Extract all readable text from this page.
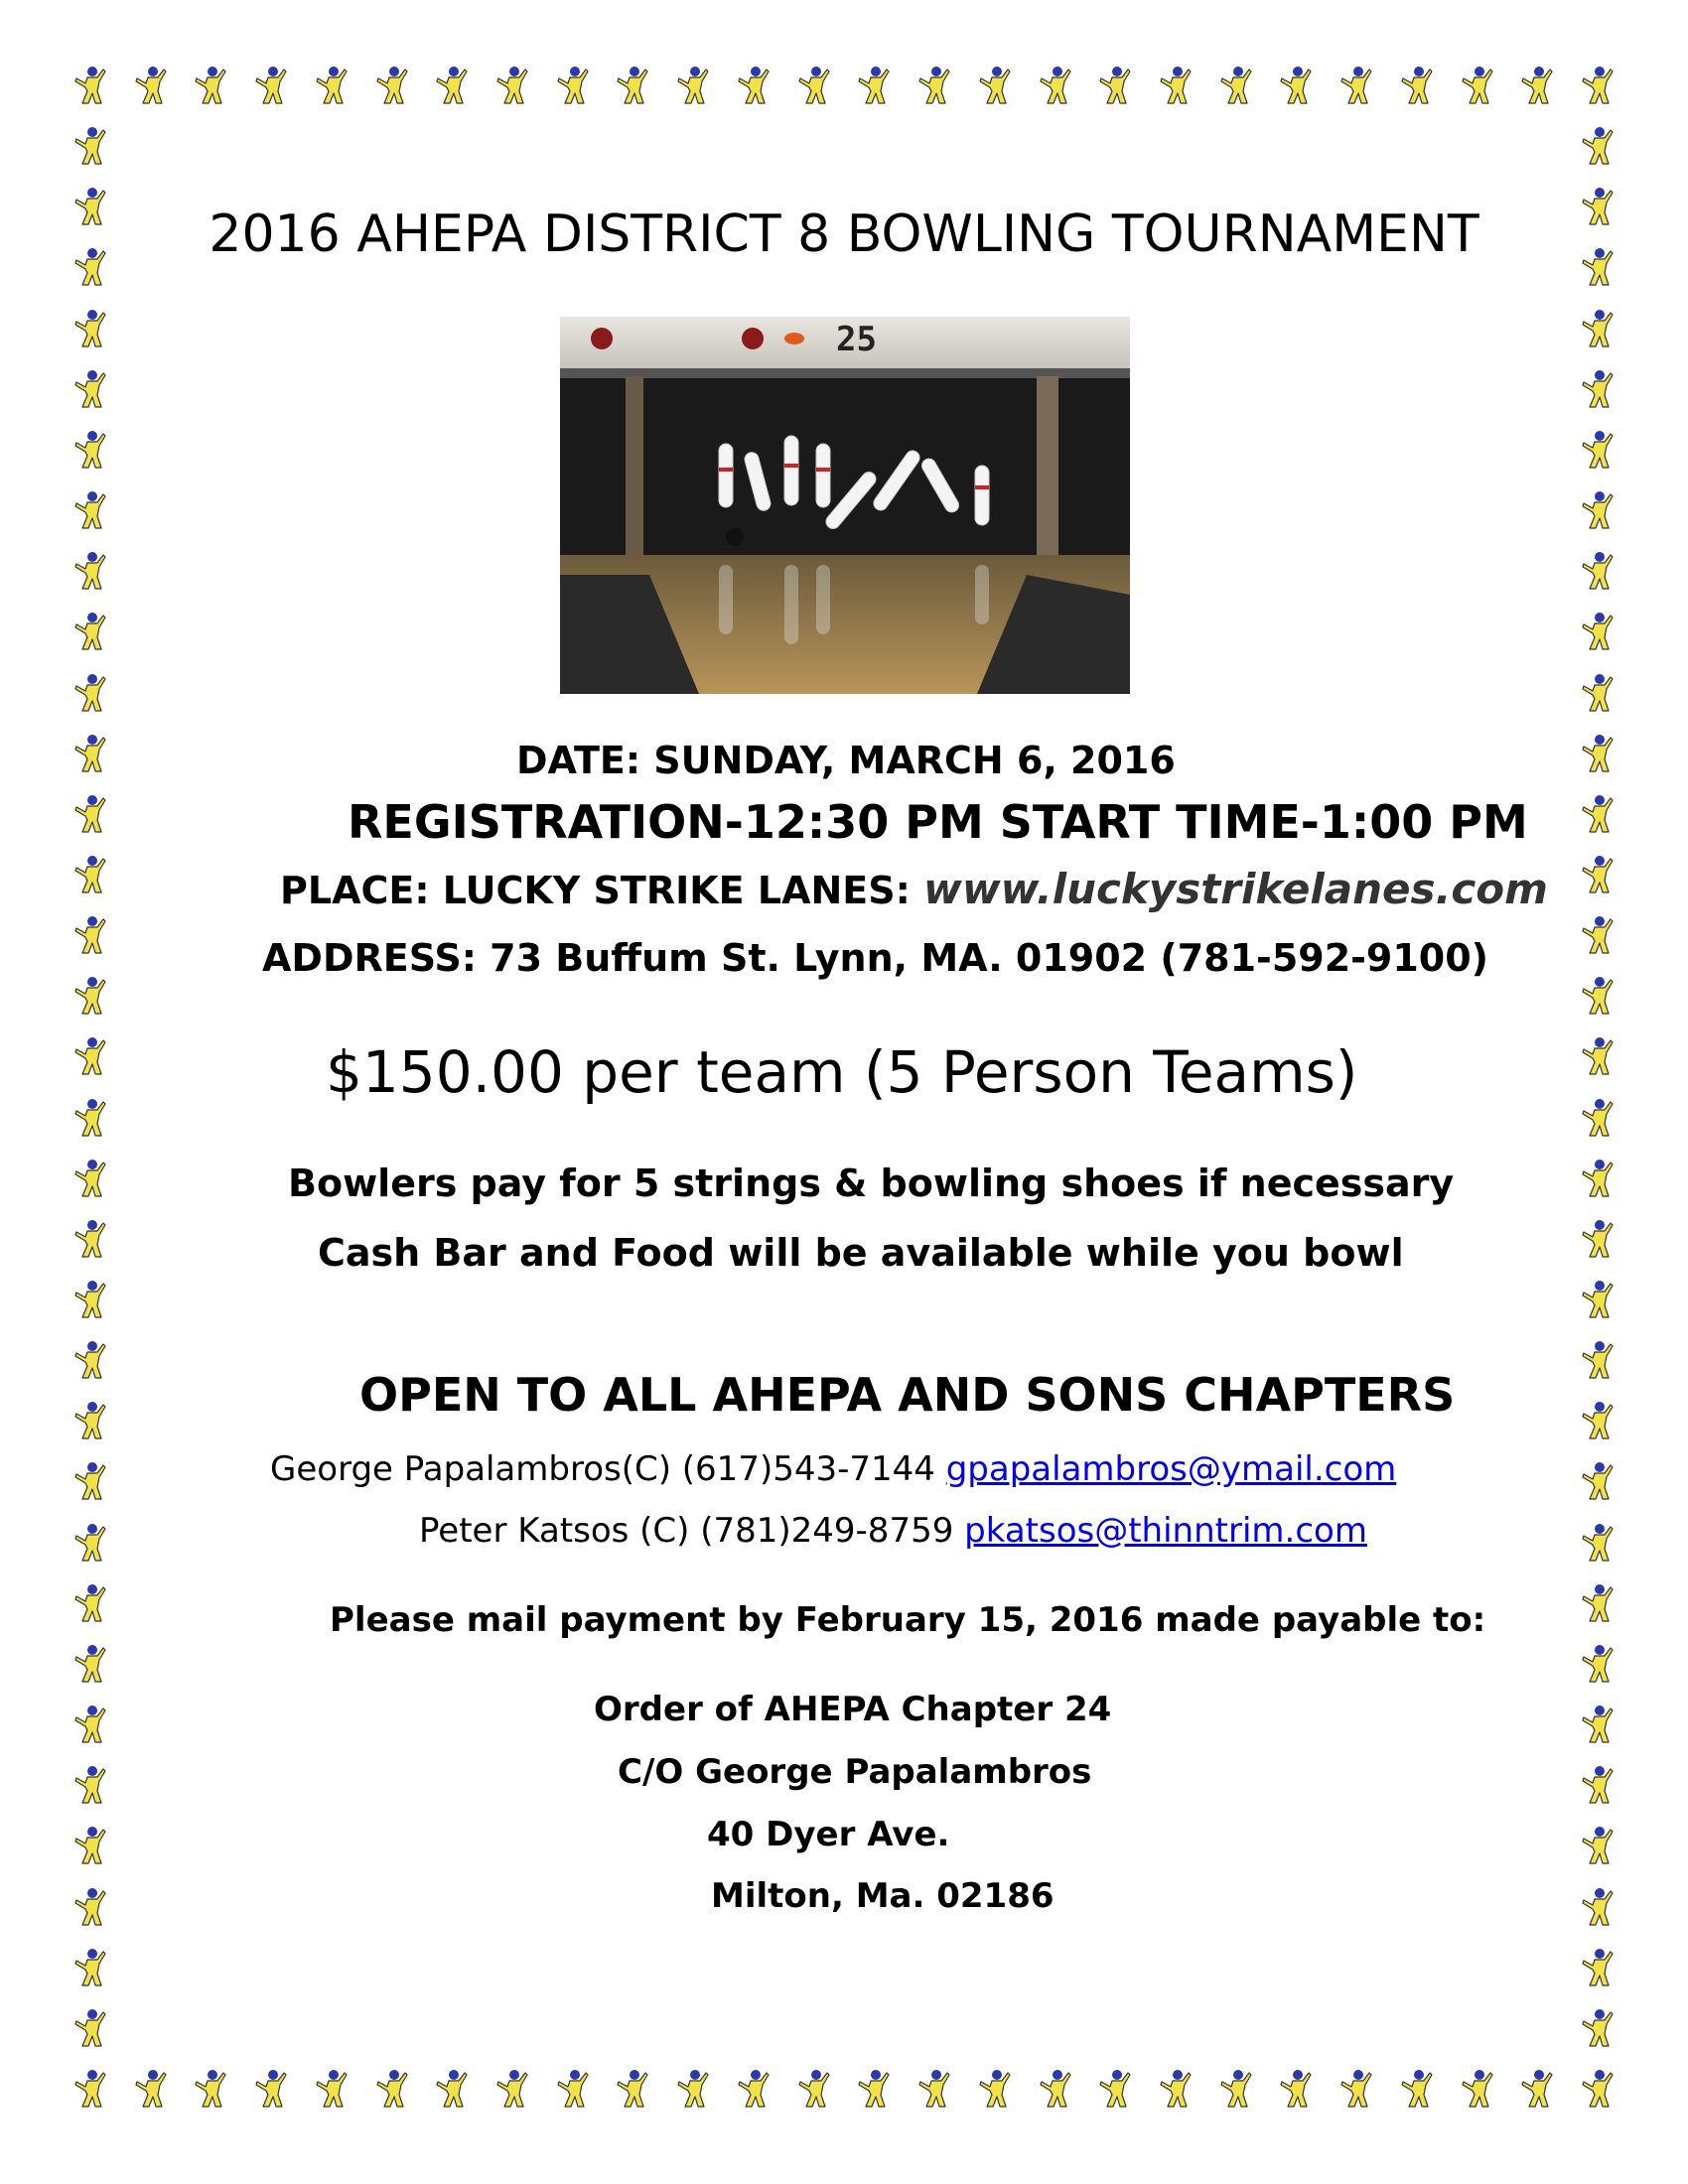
2016 AHEPA DISTRICT 8 BOWLING TOURNAMENT
25
DATE: SUNDAY, MARCH 6, 2016
REGISTRATION-12:30 PM START TIME-1:00 PM
PLACE: LUCKY STRIKE LANES: www.luckystrikelanes.com
ADDRESS: 73 Buffum St. Lynn, MA. 01902 (781-592-9100)
$150.00 per team (5 Person Teams)
Bowlers pay for 5 strings & bowling shoes if necessary
Cash Bar and Food will be available while you bowl
OPEN TO ALL AHEPA AND SONS CHAPTERS
George Papalambros(C) (617)543-7144 gpapalambros@ymail.com
Peter Katsos (C) (781)249-8759 pkatsos@thinntrim.com
Please mail payment by February 15, 2016 made payable to:
Order of AHEPA Chapter 24
C/O George Papalambros
40 Dyer Ave.
Milton, Ma. 02186
